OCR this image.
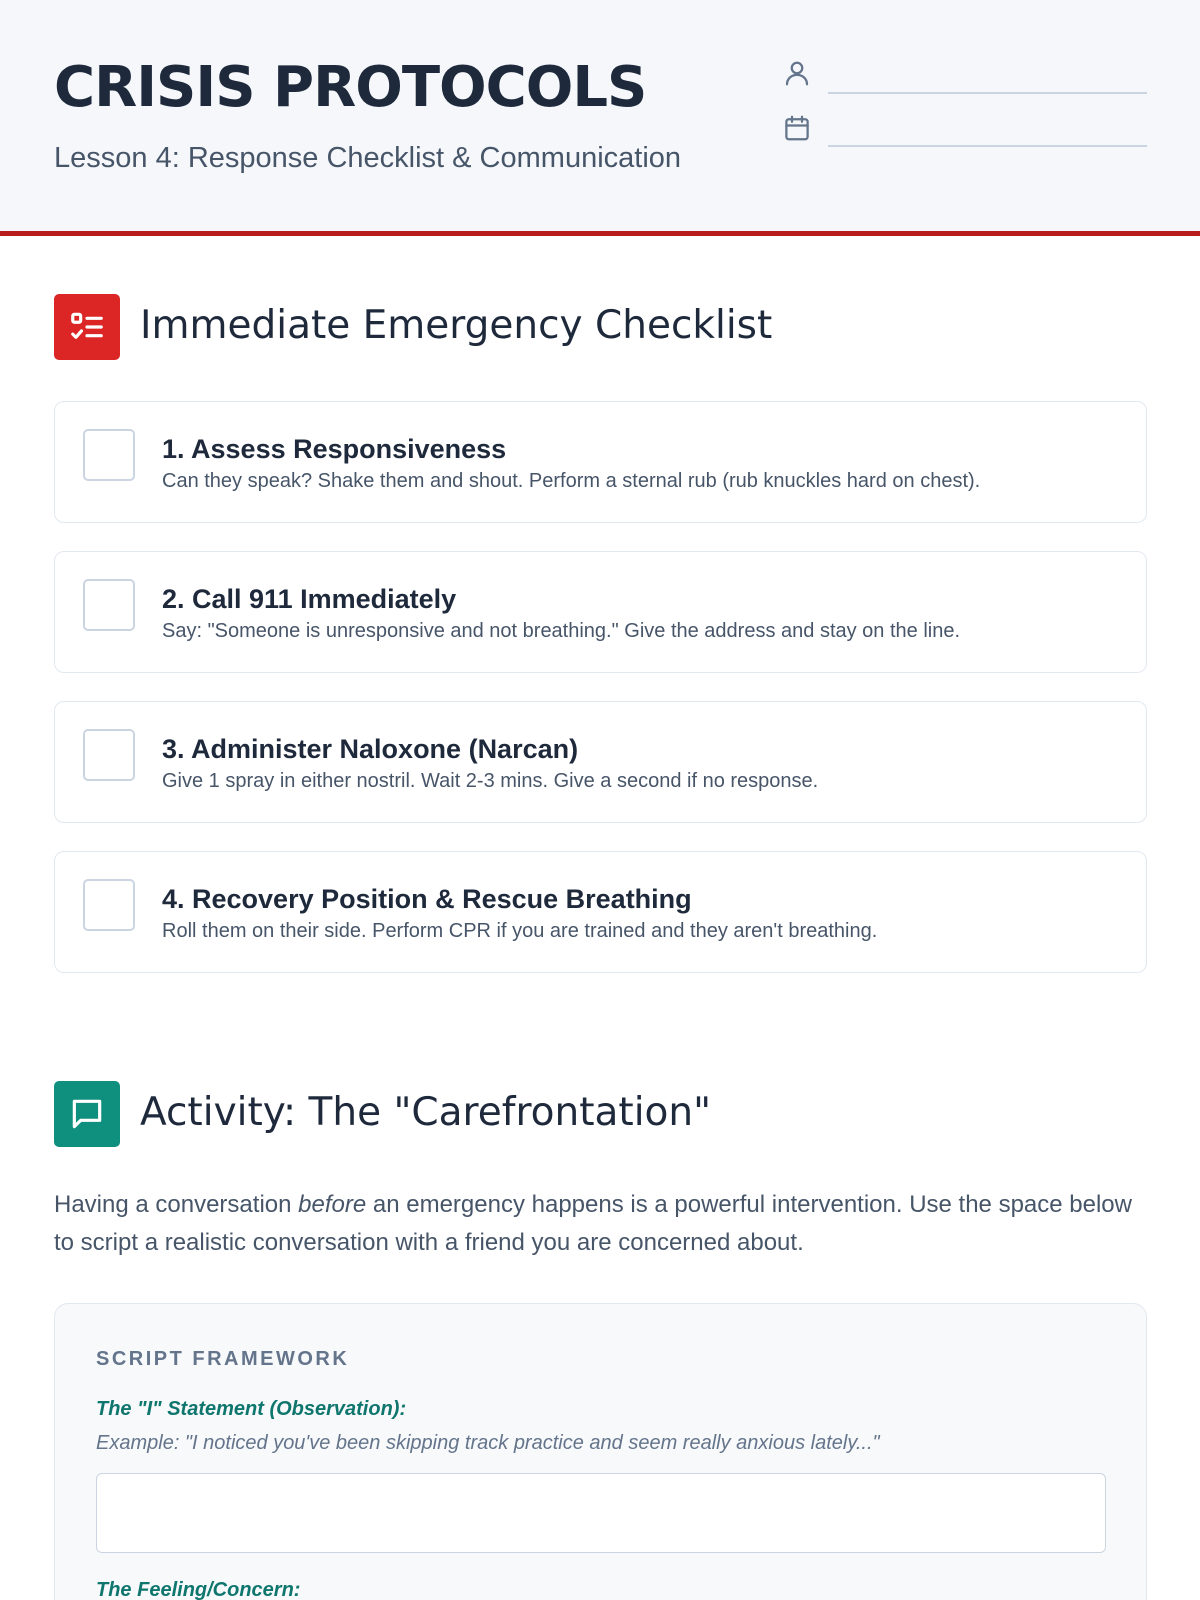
CRISIS PROTOCOLS
Lesson 4: Response Checklist & Communication
Immediate Emergency Checklist
1. Assess Responsiveness
Can they speak? Shake them and shout. Perform a sternal rub (rub knuckles hard on chest).
2. Call 911 Immediately
Say: "Someone is unresponsive and not breathing." Give the address and stay on the line.
3. Administer Naloxone (Narcan)
Give 1 spray in either nostril. Wait 2-3 mins. Give a second if no response.
4. Recovery Position & Rescue Breathing
Roll them on their side. Perform CPR if you are trained and they aren't breathing.
Activity: The "Carefrontation"
Having a conversation before an emergency happens is a powerful intervention. Use the space below to script a realistic conversation with a friend you are concerned about.
SCRIPT FRAMEWORK
The "I" Statement (Observation):
Example: "I noticed you've been skipping track practice and seem really anxious lately..."
The Feeling/Concern:
